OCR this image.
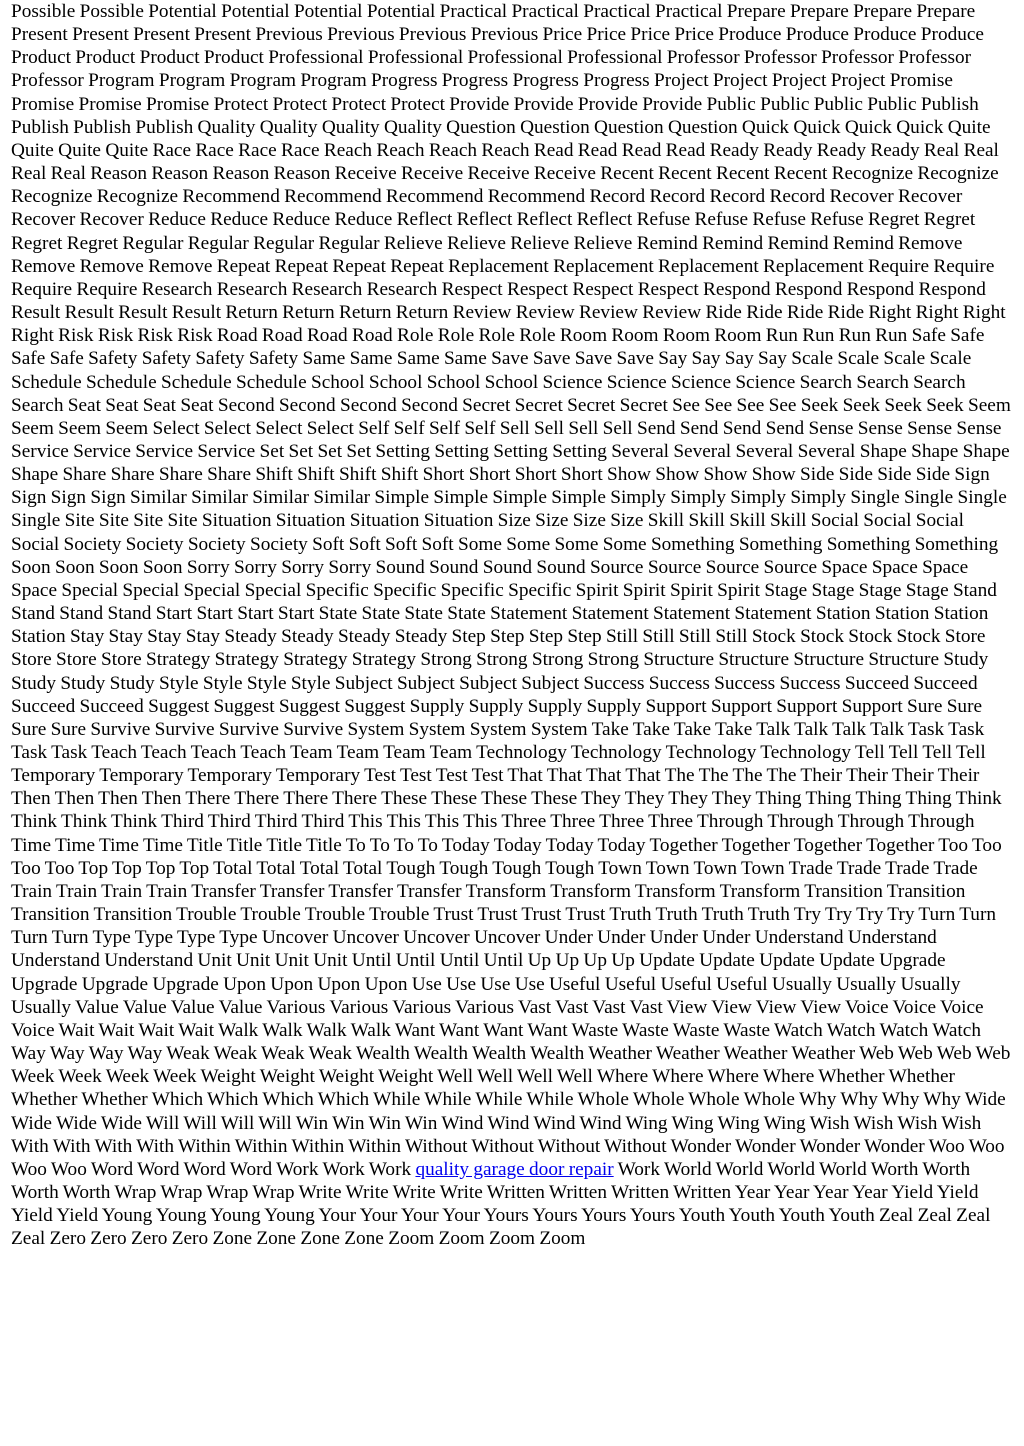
Possible Possible Potential Potential Potential Potential Practical Practical Practical Practical Prepare Prepare Prepare Prepare Present Present Present Present Previous Previous Previous Previous Price Price Price Price Produce Produce Produce Produce Product Product Product Product Professional Professional Professional Professional Professor Professor Professor Professor Professor Program Program Program Program Progress Progress Progress Progress Project Project Project Project Promise Promise Promise Promise Protect Protect Protect Protect Provide Provide Provide Provide Public Public Public Public Publish Publish Publish Publish Quality Quality Quality Quality Question Question Question Question Quick Quick Quick Quick Quite Quite Quite Quite Race Race Race Race Reach Reach Reach Reach Read Read Read Read Ready Ready Ready Ready Real Real Real Real Reason Reason Reason Reason Receive Receive Receive Receive Recent Recent Recent Recent Recognize Recognize Recognize Recognize Recommend Recommend Recommend Recommend Record Record Record Record Recover Recover Recover Recover Reduce Reduce Reduce Reduce Reflect Reflect Reflect Reflect Refuse Refuse Refuse Refuse Regret Regret Regret Regret Regular Regular Regular Regular Relieve Relieve Relieve Relieve Remind Remind Remind Remind Remove Remove Remove Remove Repeat Repeat Repeat Repeat Replacement Replacement Replacement Replacement Require Require Require Require Research Research Research Research Respect Respect Respect Respect Respond Respond Respond Respond Result Result Result Result Return Return Return Return Review Review Review Review Ride Ride Ride Ride Right Right Right Right Risk Risk Risk Risk Road Road Road Road Role Role Role Role Room Room Room Room Run Run Run Run Safe Safe Safe Safe Safety Safety Safety Safety Same Same Same Same Save Save Save Save Say Say Say Say Scale Scale Scale Scale Schedule Schedule Schedule Schedule School School School School Science Science Science Science Search Search Search Search Seat Seat Seat Seat Second Second Second Second Secret Secret Secret Secret See See See See Seek Seek Seek Seek Seem Seem Seem Seem Select Select Select Select Self Self Self Self Sell Sell Sell Sell Send Send Send Send Sense Sense Sense Sense Service Service Service Service Set Set Set Set Setting Setting Setting Setting Several Several Several Several Shape Shape Shape Shape Share Share Share Share Shift Shift Shift Shift Short Short Short Short Show Show Show Show Side Side Side Side Sign Sign Sign Sign Similar Similar Similar Similar Simple Simple Simple Simple Simply Simply Simply Simply Single Single Single Single Site Site Site Site Situation Situation Situation Situation Size Size Size Size Skill Skill Skill Skill Social Social Social Social Society Society Society Society Soft Soft Soft Soft Some Some Some Some Something Something Something Something Soon Soon Soon Soon Sorry Sorry Sorry Sorry Sound Sound Sound Sound Source Source Source Source Space Space Space Space Special Special Special Special Specific Specific Specific Specific Spirit Spirit Spirit Spirit Stage Stage Stage Stage Stand Stand Stand Stand Start Start Start Start State State State State Statement Statement Statement Statement Station Station Station Station Stay Stay Stay Stay Steady Steady Steady Steady Step Step Step Step Still Still Still Still Stock Stock Stock Stock Store Store Store Store Strategy Strategy Strategy Strategy Strong Strong Strong Strong Structure Structure Structure Structure Study Study Study Study Style Style Style Style Subject Subject Subject Subject Success Success Success Success Succeed Succeed Succeed Succeed Suggest Suggest Suggest Suggest Supply Supply Supply Supply Support Support Support Support Sure Sure Sure Sure Survive Survive Survive Survive System System System System Take Take Take Take Talk Talk Talk Talk Task Task Task Task Teach Teach Teach Teach Team Team Team Team Technology Technology Technology Technology Tell Tell Tell Tell Temporary Temporary Temporary Temporary Test Test Test Test That That That That The The The The Their Their Their Their Then Then Then Then There There There There These These These These They They They They Thing Thing Thing Thing Think Think Think Think Third Third Third Third This This This This Three Three Three Three Through Through Through Through Time Time Time Time Title Title Title Title To To To To Today Today Today Today Together Together Together Together Too Too Too Too Top Top Top Top Total Total Total Total Tough Tough Tough Tough Town Town Town Town Trade Trade Trade Trade Train Train Train Train Transfer Transfer Transfer Transfer Transform Transform Transform Transform Transition Transition Transition Transition Trouble Trouble Trouble Trouble Trust Trust Trust Trust Truth Truth Truth Truth Try Try Try Try Turn Turn Turn Turn Type Type Type Type Uncover Uncover Uncover Uncover Under Under Under Under Understand Understand Understand Understand Unit Unit Unit Unit Until Until Until Until Up Up Up Up Update Update Update Update Upgrade Upgrade Upgrade Upgrade Upon Upon Upon Upon Use Use Use Use Useful Useful Useful Useful Usually Usually Usually Usually Value Value Value Value Various Various Various Various Vast Vast Vast Vast View View View View Voice Voice Voice Voice Wait Wait Wait Wait Walk Walk Walk Walk Want Want Want Want Waste Waste Waste Waste Watch Watch Watch Watch Way Way Way Way Weak Weak Weak Weak Wealth Wealth Wealth Wealth Weather Weather Weather Weather Web Web Web Web Week Week Week Week Weight Weight Weight Weight Well Well Well Well Where Where Where Where Whether Whether Whether Whether Which Which Which Which While While While While Whole Whole Whole Whole Why Why Why Why Wide Wide Wide Wide Will Will Will Will Win Win Win Win Wind Wind Wind Wind Wing Wing Wing Wing Wish Wish Wish Wish With With With With Within Within Within Within Without Without Without Without Wonder Wonder Wonder Wonder Woo Woo Woo Woo Word Word Word Word Work Work Work quality garage door repair Work World World World World Worth Worth Worth Worth Wrap Wrap Wrap Wrap Write Write Write Write Written Written Written Written Year Year Year Year Yield Yield Yield Yield Young Young Young Young Your Your Your Your Yours Yours Yours Yours Youth Youth Youth Youth Zeal Zeal Zeal Zeal Zero Zero Zero Zero Zone Zone Zone Zone Zoom Zoom Zoom Zoom
